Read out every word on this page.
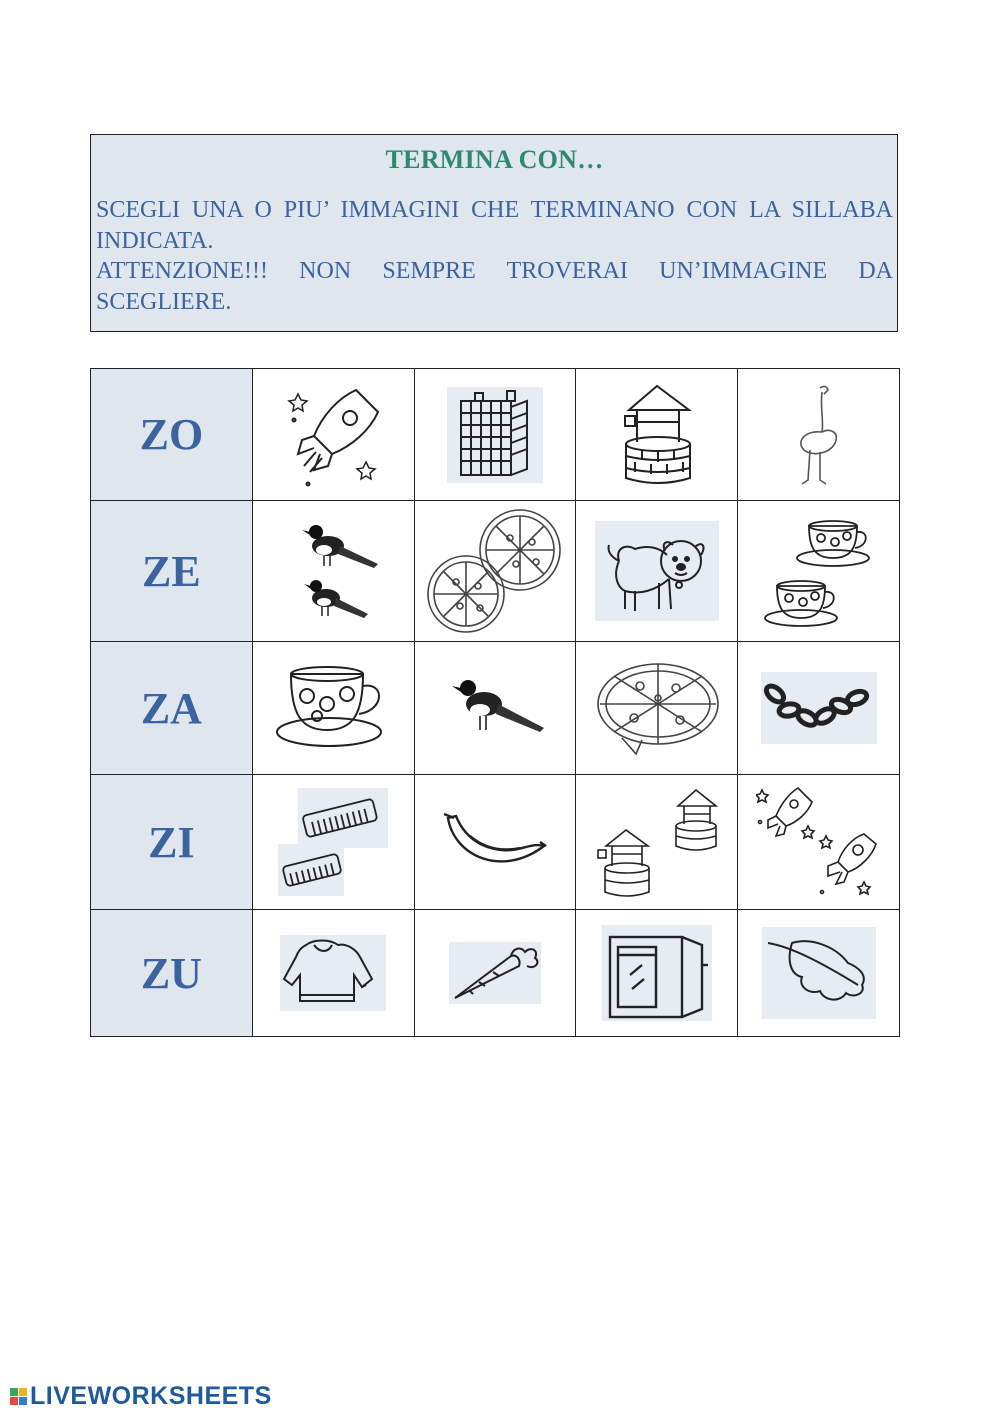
TERMINA CON…

SCEGLI UNA O PIU’ IMMAGINI CHE TERMINANO CON LA SILLABA INDICATA.

ATTENZIONE!!! NON SEMPRE TROVERAI UN’IMMAGINE DA SCEGLIERE.

ZO	

ZE	

ZA	

ZI	

ZU	

LIVEWORKSHEETS
